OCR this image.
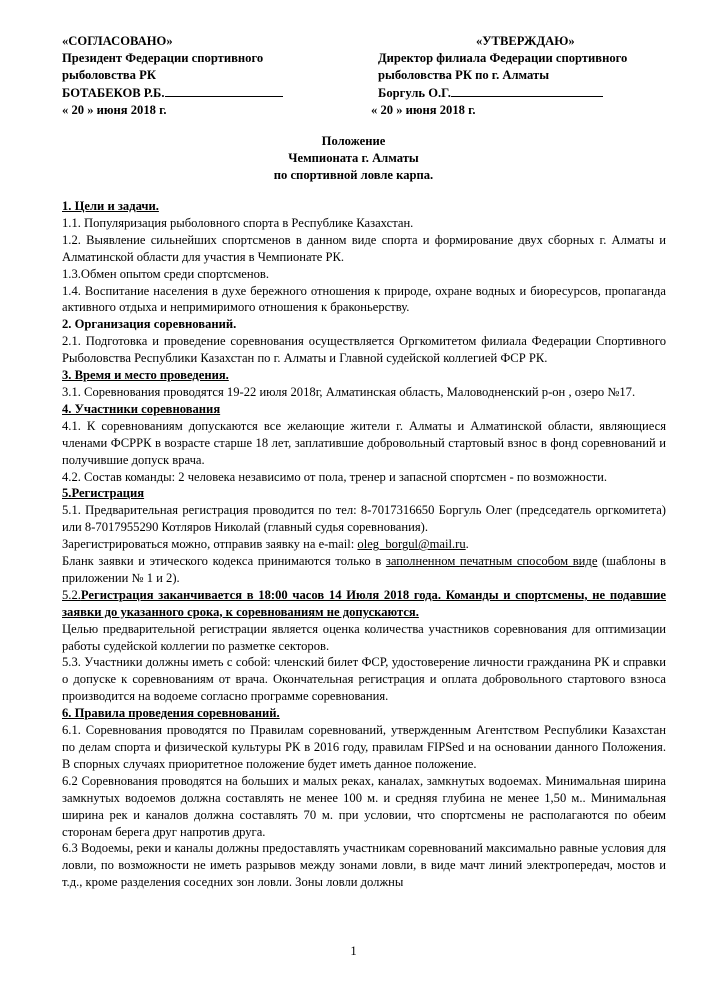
«СОГЛАСОВАНО»
Президент Федерации спортивного
рыболовства РК
БОТАБЕКОВ Р.Б.
« 20 » июня 2018 г.
«УТВЕРЖДАЮ»
Директор филиала Федерации спортивного
рыболовства РК по г. Алматы
Боргуль О.Г.
« 20 » июня 2018 г.
Положение
Чемпионата г. Алматы
по спортивной ловле карпа.

1. Цели и задачи.

1.1. Популяризация рыболовного спорта в Республике Казахстан.

1.2. Выявление сильнейших спортсменов в данном виде спорта и формирование двух сборных г. Алматы и Алматинской области для участия в Чемпионате РК.

1.3.Обмен опытом среди спортсменов.

1.4. Воспитание населения в духе бережного отношения к природе, охране водных и биоресурсов, пропаганда активного отдыха и непримиримого отношения к браконьерству.

2. Организация соревнований.

2.1. Подготовка и проведение соревнования осуществляется Оргкомитетом филиала Федерации Спортивного Рыболовства Республики Казахстан по г. Алматы и Главной судейской коллегией ФСР РК.

3. Время и место проведения.

3.1. Соревнования проводятся 19-22 июля 2018г, Алматинская область, Маловодненский р-он , озеро №17.

4. Участники соревнования

4.1. К соревнованиям допускаются все желающие жители г. Алматы и Алматинской области, являющиеся членами ФСРРК в возрасте старше 18 лет, заплатившие добровольный стартовый взнос в фонд соревнований и получившие допуск врача.

4.2. Состав команды: 2 человека независимо от пола, тренер и запасной спортсмен - по возможности.

5.Регистрация

5.1. Предварительная регистрация проводится по тел: 8-7017316650 Боргуль Олег (председатель оргкомитета) или 8-7017955290 Котляров Николай (главный судья соревнования).

Зарегистрироваться можно, отправив заявку на e-mail: oleg_borgul@mail.ru.

Бланк заявки и этического кодекса принимаются только в заполненном печатным способом виде (шаблоны в приложении № 1 и 2).

5.2.Регистрация заканчивается в 18:00 часов 14 Июля 2018 года. Команды и спортсмены, не подавшие заявки до указанного срока, к соревнованиям не допускаются.

Целью предварительной регистрации является оценка количества участников соревнования для оптимизации работы судейской коллегии по разметке секторов.

5.3. Участники должны иметь с собой: членский билет ФСР, удостоверение личности гражданина РК и справки о допуске к соревнованиям от врача. Окончательная регистрация и оплата добровольного стартового взноса производится на водоеме согласно программе соревнования.

6. Правила проведения соревнований.

6.1. Соревнования проводятся по Правилам соревнований, утвержденным Агентством Республики Казахстан по делам спорта и физической культуры РК в 2016 году, правилам FIPSed и на основании данного Положения. В спорных случаях приоритетное положение будет иметь данное положение.

6.2 Соревнования проводятся на больших и малых реках, каналах, замкнутых водоемах. Минимальная ширина замкнутых водоемов должна составлять не менее 100 м. и средняя глубина не менее 1,50 м.. Минимальная ширина рек и каналов должна составлять 70 м. при условии, что спортсмены не располагаются по обеим сторонам берега друг напротив друга.

6.3 Водоемы, реки и каналы должны предоставлять участникам соревнований максимально равные условия для ловли, по возможности не иметь разрывов между зонами ловли, в виде мачт линий электропередач, мостов и т.д., кроме разделения соседних зон ловли. Зоны ловли должны

1
